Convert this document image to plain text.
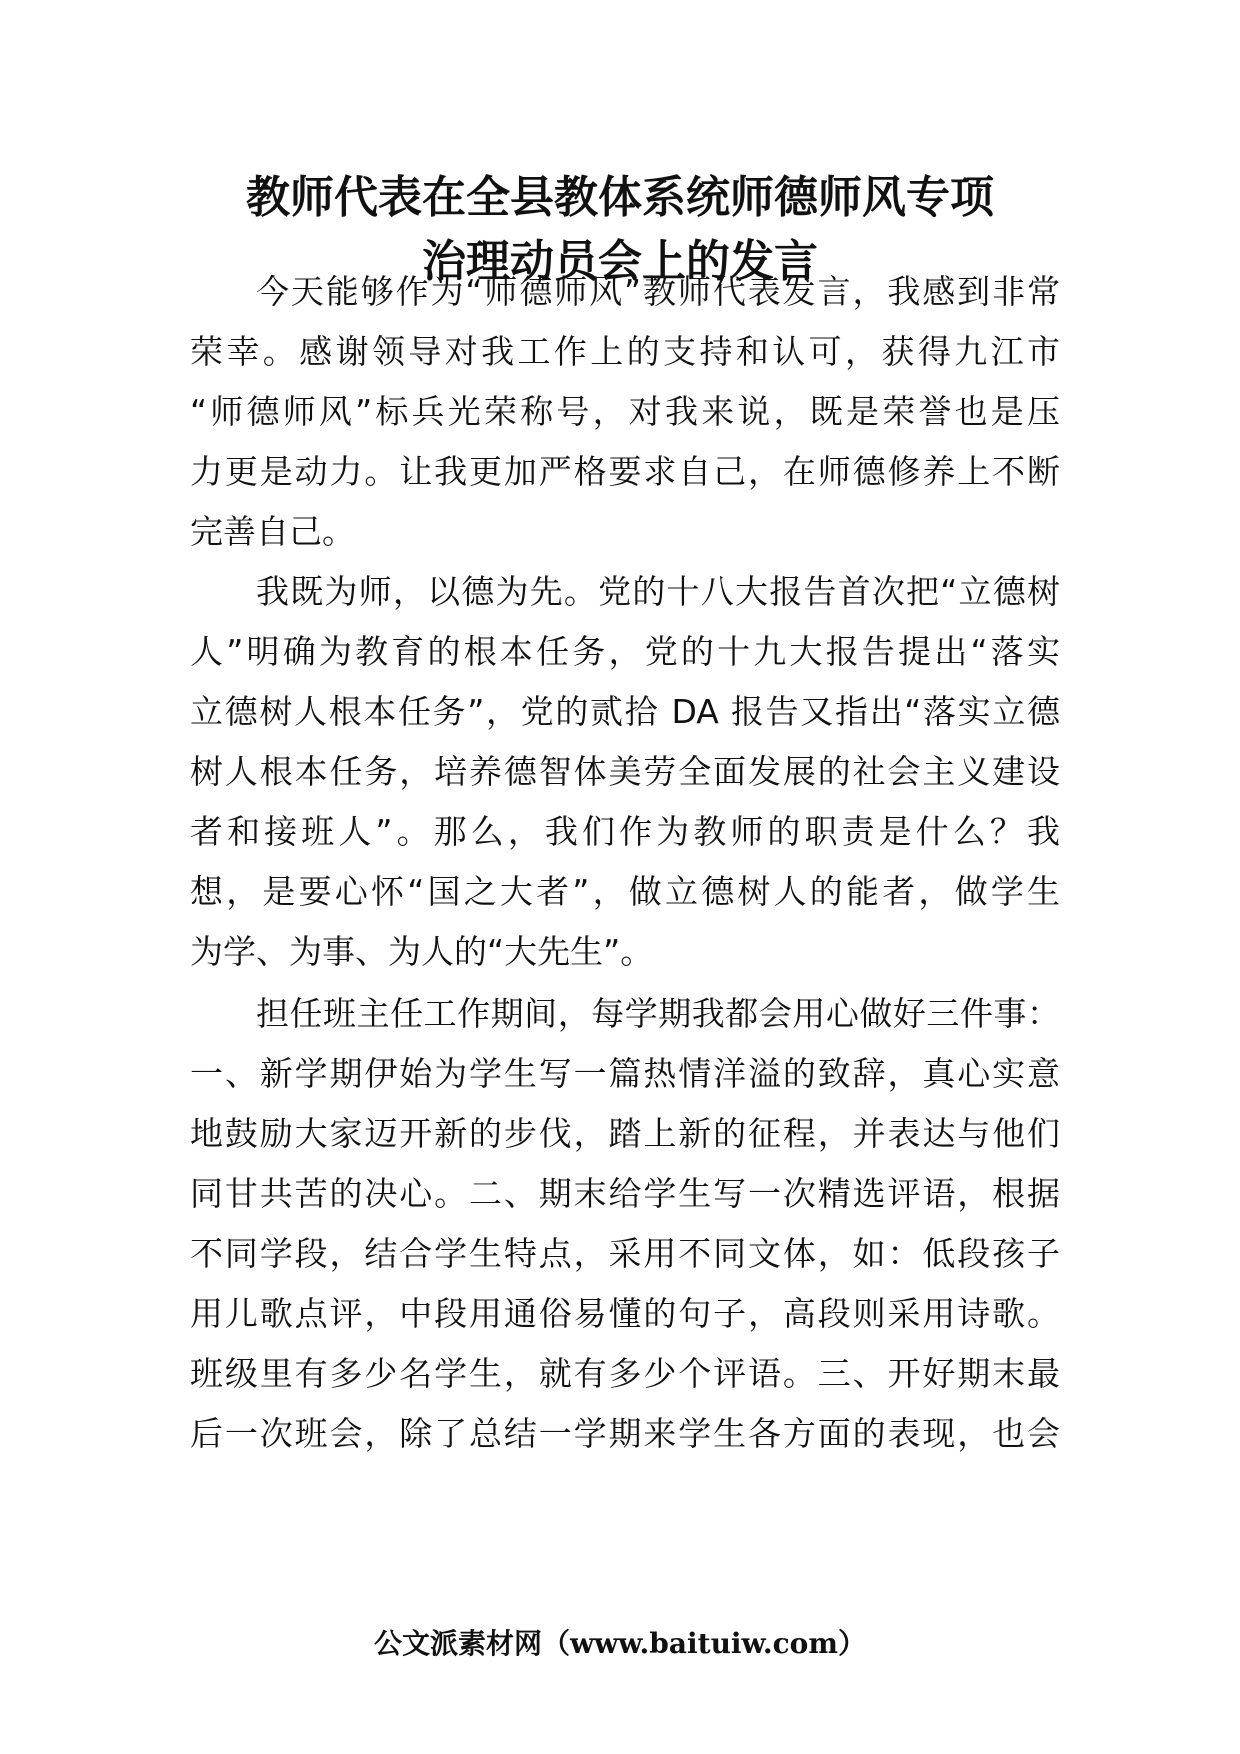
教师代表在全县教体系统师德师风专项
治理动员会上的发言

今天能够作为“师德师风”教师代表发言，我感到非常

荣幸。感谢领导对我工作上的支持和认可，获得九江市

“师德师风”标兵光荣称号，对我来说，既是荣誉也是压

力更是动力。让我更加严格要求自己，在师德修养上不断

完善自己。

我既为师，以德为先。党的十八大报告首次把“立德树

人”明确为教育的根本任务，党的十九大报告提出“落实

立德树人根本任务”，党的贰拾 DA 报告又指出“落实立德

树人根本任务，培养德智体美劳全面发展的社会主义建设

者和接班人”。那么，我们作为教师的职责是什么？我

想，是要心怀“国之大者”，做立德树人的能者，做学生

为学、为事、为人的“大先生”。

担任班主任工作期间，每学期我都会用心做好三件事：

一、新学期伊始为学生写一篇热情洋溢的致辞，真心实意

地鼓励大家迈开新的步伐，踏上新的征程，并表达与他们

同甘共苦的决心。二、期末给学生写一次精选评语，根据

不同学段，结合学生特点，采用不同文体，如：低段孩子

用儿歌点评，中段用通俗易懂的句子，高段则采用诗歌。

班级里有多少名学生，就有多少个评语。三、开好期末最

后一次班会，除了总结一学期来学生各方面的表现，也会

公文派素材网（www.baituiw.com）
